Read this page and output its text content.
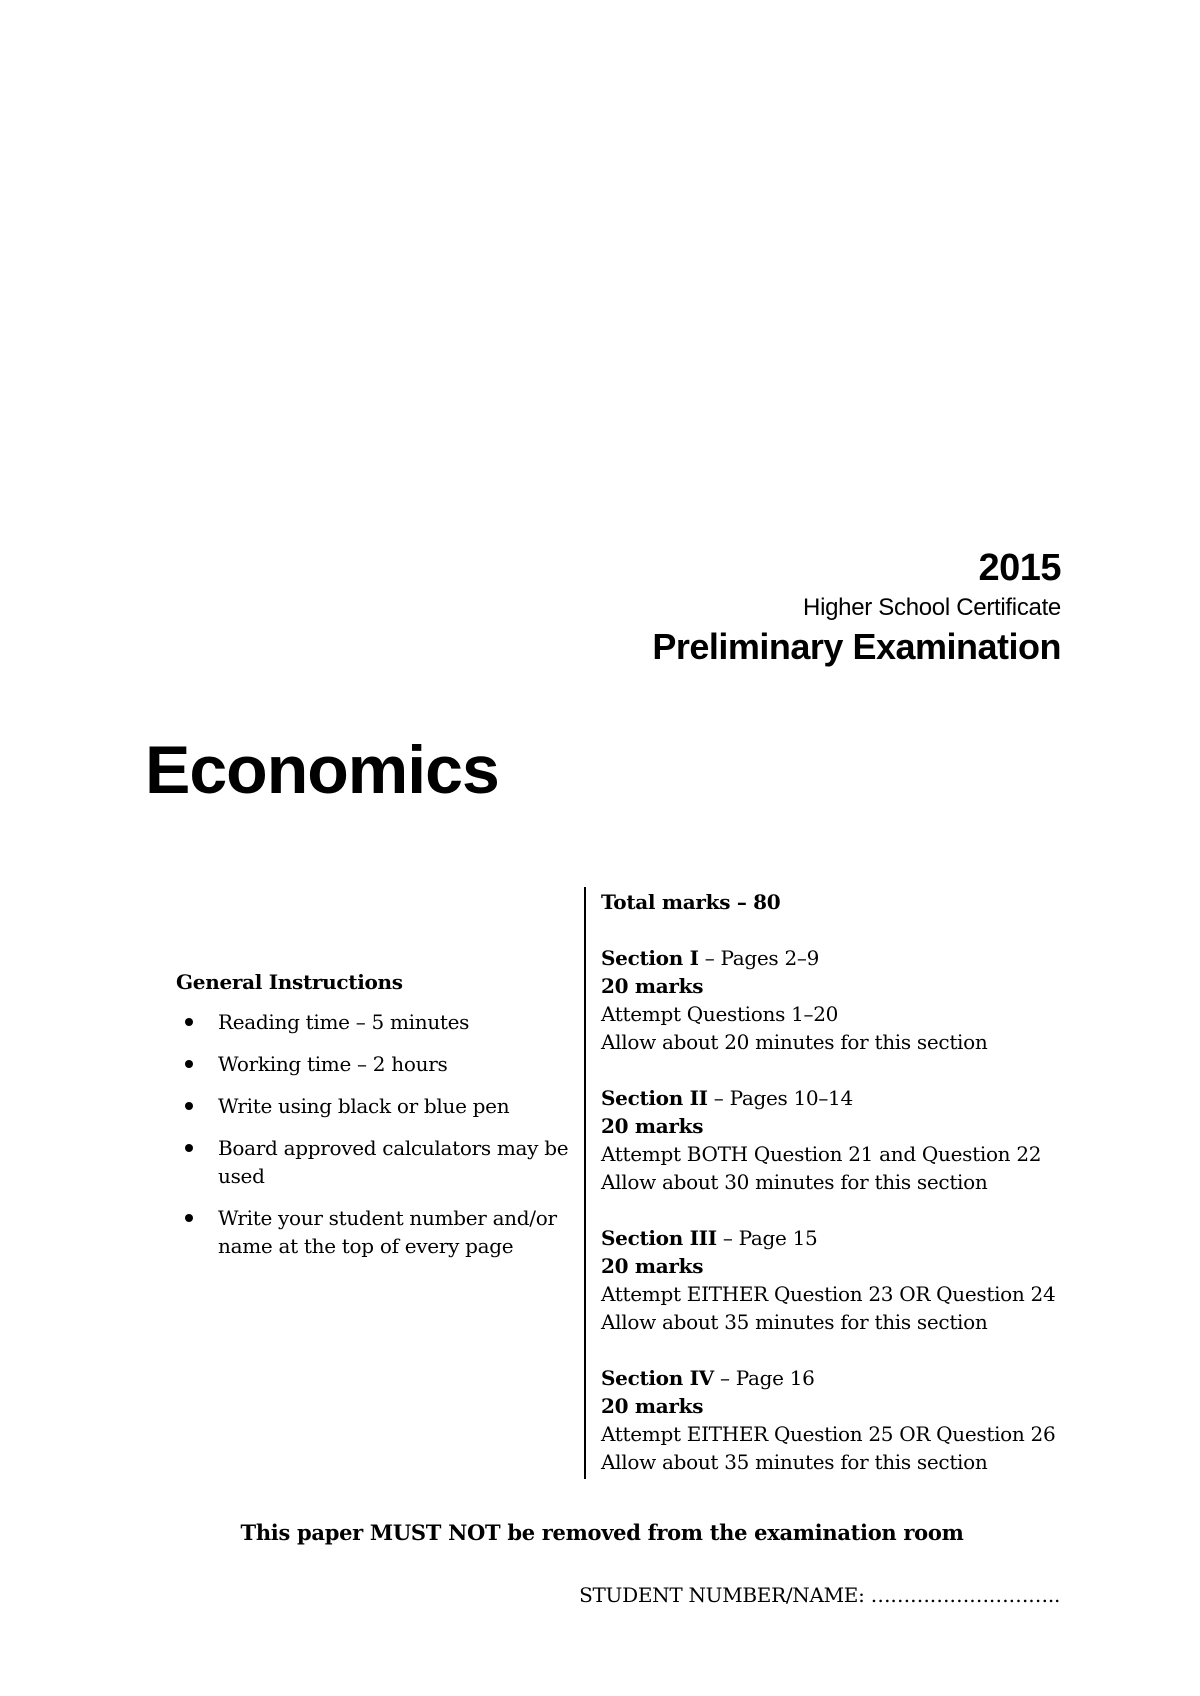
2015
Higher School Certificate
Preliminary Examination
Economics
General Instructions
Reading time – 5 minutes
Working time – 2 hours
Write using black or blue pen
Board approved calculators may be used
Write your student number and/or name at the top of every page
Total marks – 80
Section I – Pages 2–9
20 marks
Attempt Questions 1–20
Allow about 20 minutes for this section
Section II – Pages 10–14
20 marks
Attempt BOTH Question 21 and Question 22
Allow about 30 minutes for this section
Section III – Page 15
20 marks
Attempt EITHER Question 23 OR Question 24
Allow about 35 minutes for this section
Section IV – Page 16
20 marks
Attempt EITHER Question 25 OR Question 26
Allow about 35 minutes for this section
This paper MUST NOT be removed from the examination room
STUDENT NUMBER/NAME: ………………………..
